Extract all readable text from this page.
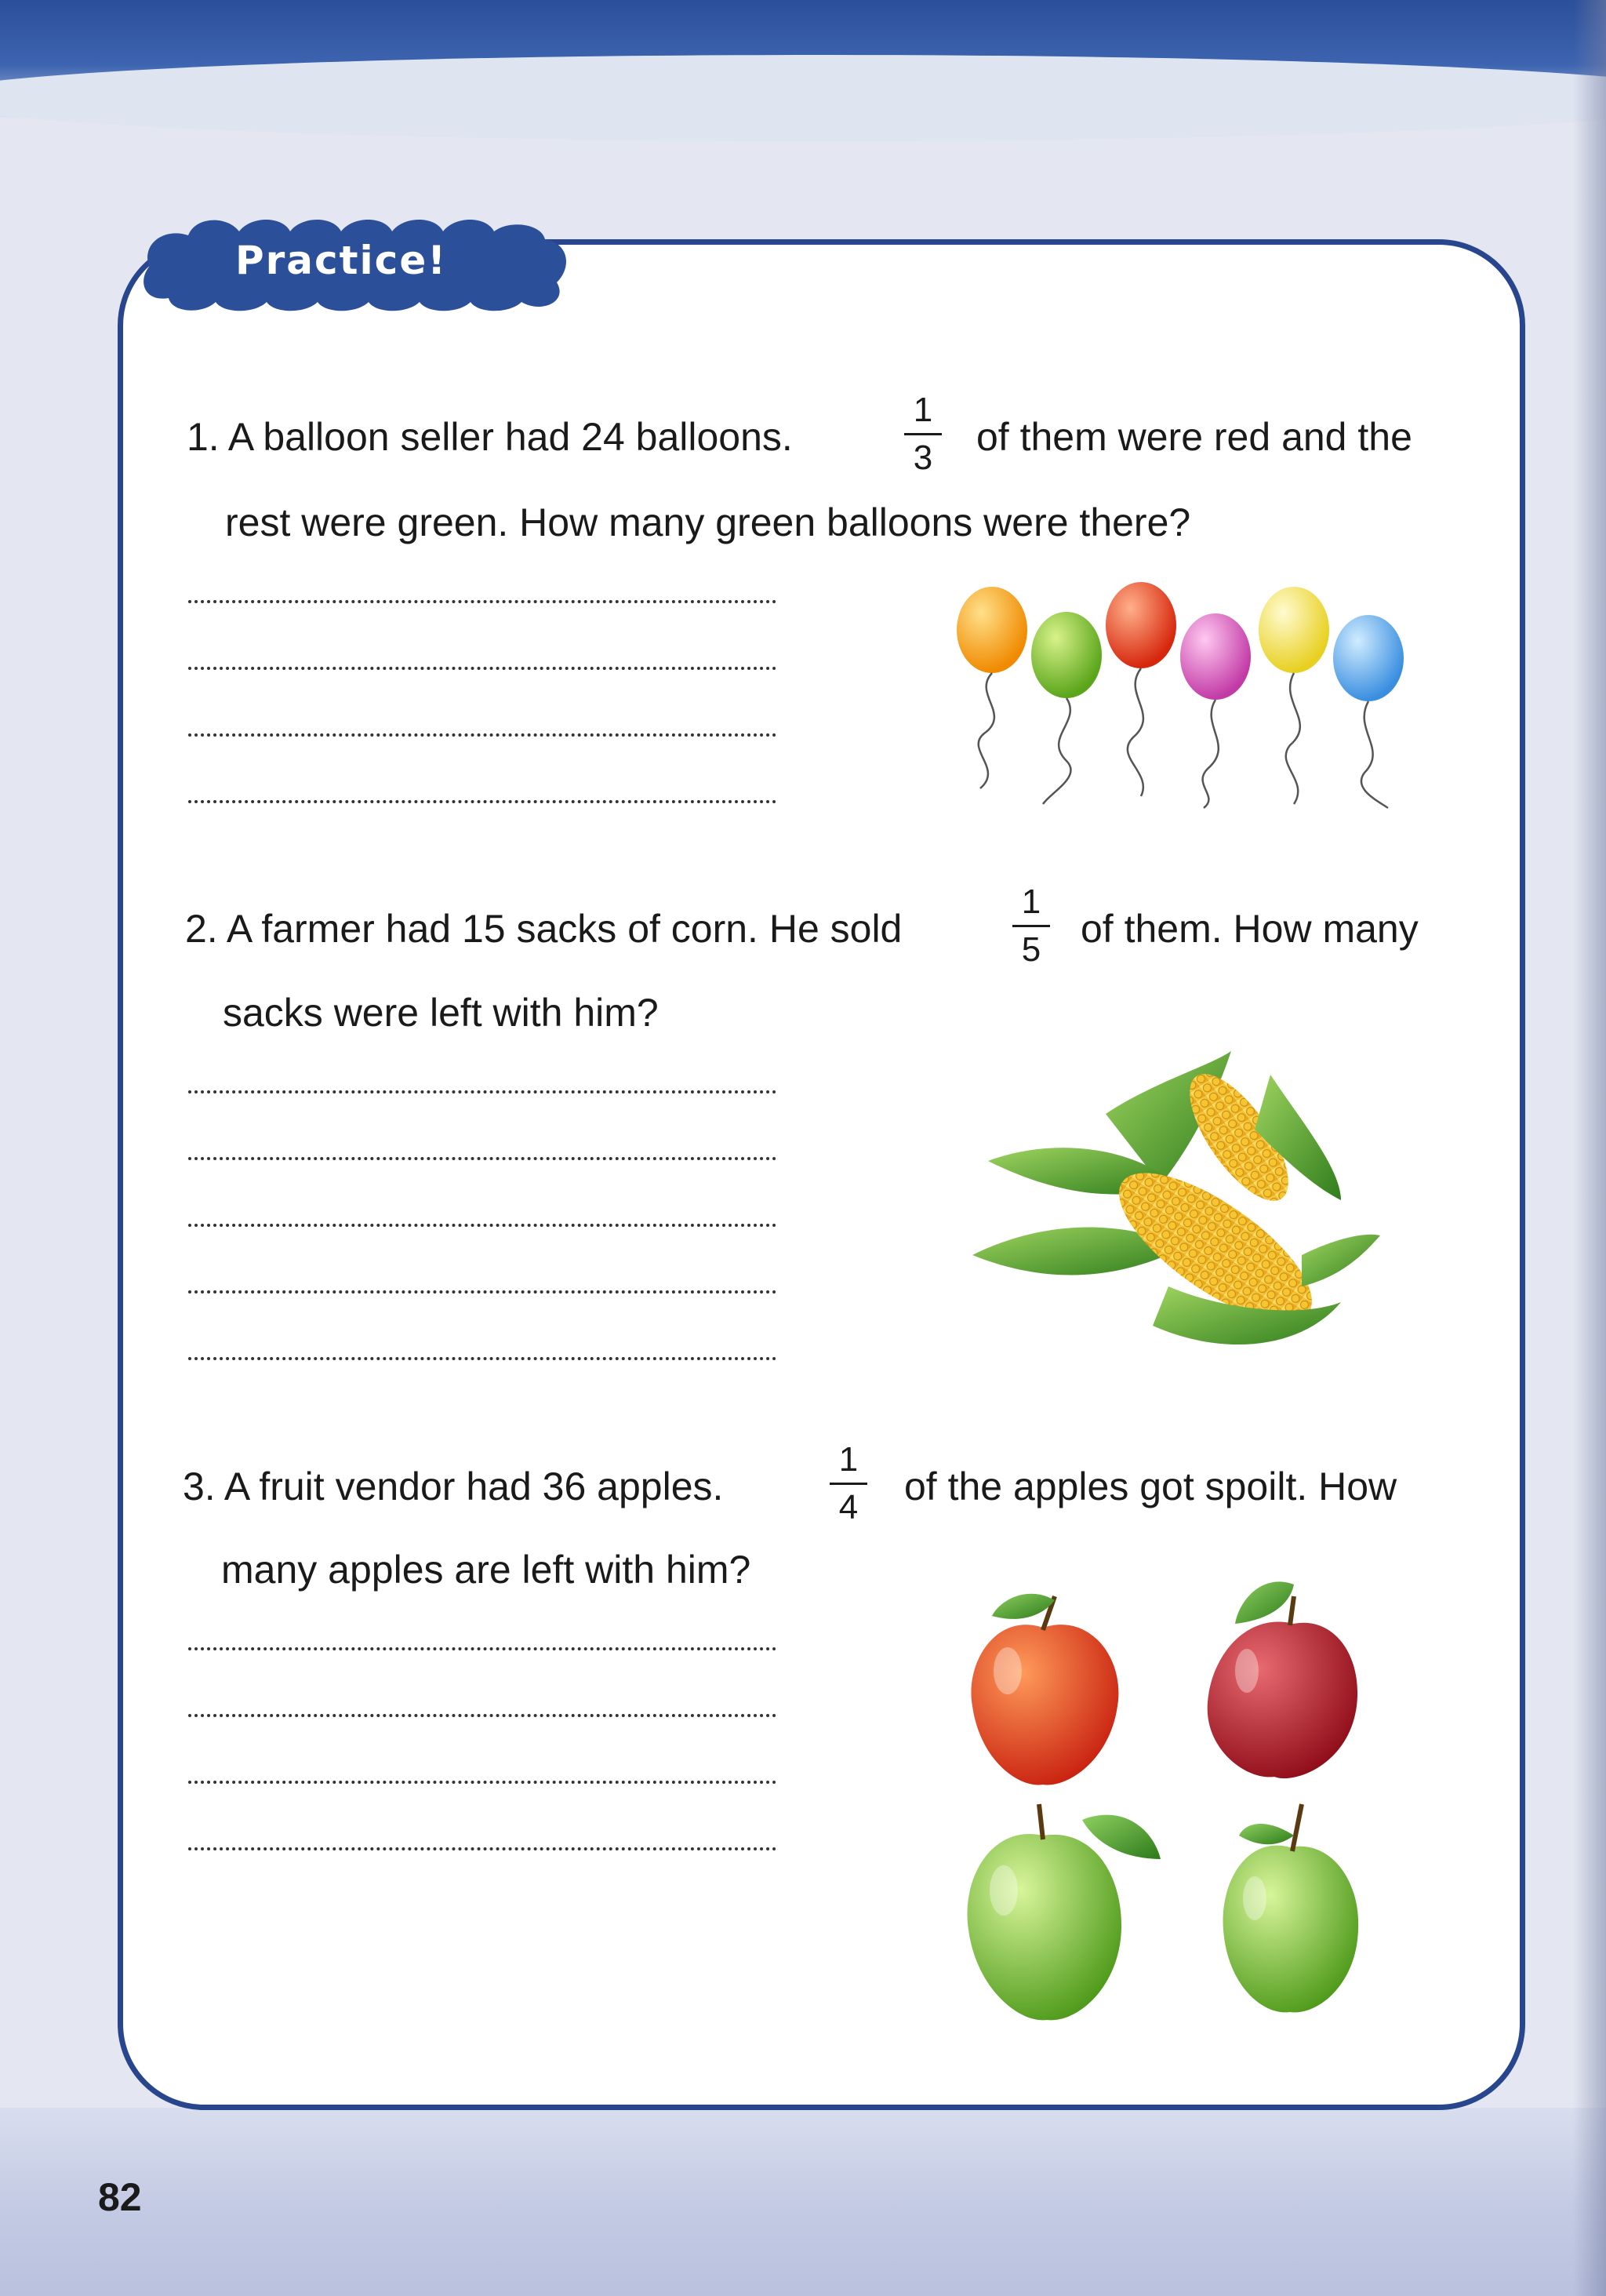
Practice!
1. A balloon seller had 24 balloons.
1
3	of them were red and the
rest were green. How many green balloons were there?
2. A farmer had 15 sacks of corn. He sold
1
5	of them. How many
sacks were left with him?
3. A fruit vendor had 36 apples.
1
4	of the apples got spoilt. How
many apples are left with him?
82
